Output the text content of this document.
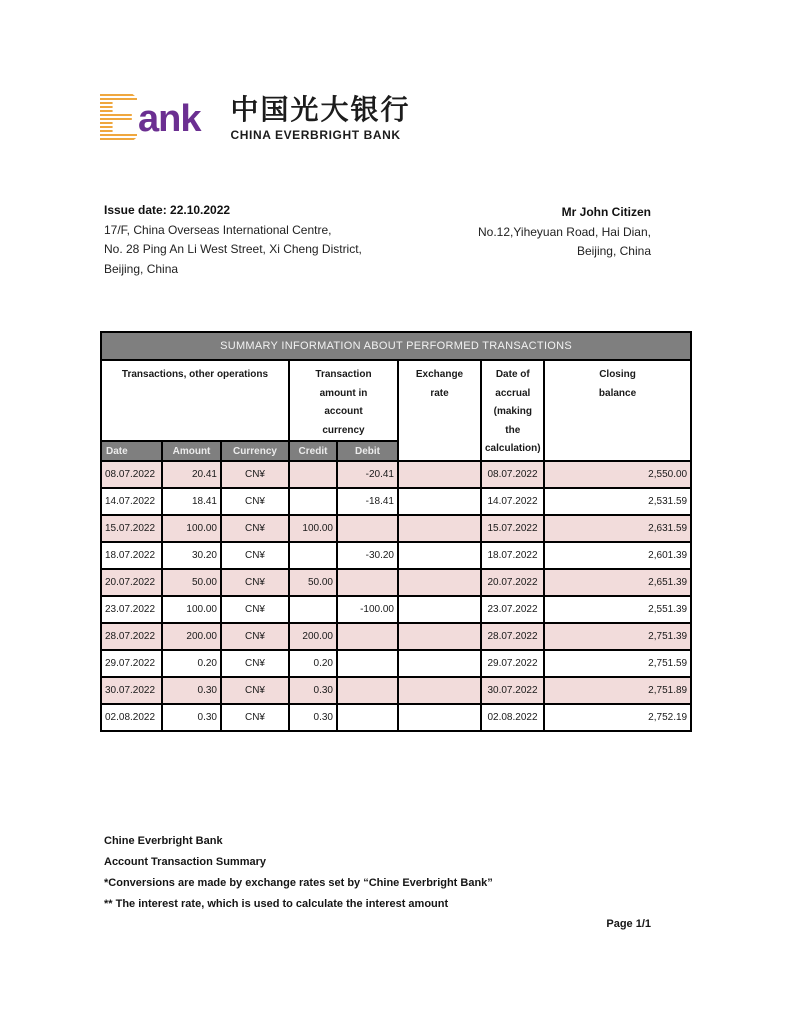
ank 中国光大银行
CHINA EVERBRIGHT BANK
Issue date: 22.10.2022
17/F, China Overseas International Centre,
No. 28 Ping An Li West Street, Xi Cheng District,
Beijing, China
Mr John Citizen
No.12,Yiheyuan Road, Hai Dian,
Beijing, China
SUMMARY INFORMATION ABOUT PERFORMED TRANSACTIONS							
Transactions, other operations			Transaction amount in account currency		Exchange rate	Date of accrual (making the calculation)	Closing balance
Date	Amount	Currency	Credit	Debit			
08.07.2022	20.41	CN¥		-20.41		08.07.2022	2,550.00
14.07.2022	18.41	CN¥		-18.41		14.07.2022	2,531.59
15.07.2022	100.00	CN¥	100.00			15.07.2022	2,631.59
18.07.2022	30.20	CN¥		-30.20		18.07.2022	2,601.39
20.07.2022	50.00	CN¥	50.00			20.07.2022	2,651.39
23.07.2022	100.00	CN¥		-100.00		23.07.2022	2,551.39
28.07.2022	200.00	CN¥	200.00			28.07.2022	2,751.39
29.07.2022	0.20	CN¥	0.20			29.07.2022	2,751.59
30.07.2022	0.30	CN¥	0.30			30.07.2022	2,751.89
02.08.2022	0.30	CN¥	0.30			02.08.2022	2,752.19
Chine Everbright Bank
Account Transaction Summary
*Conversions are made by exchange rates set by “Chine Everbright Bank”
** The interest rate, which is used to calculate the interest amount
Page 1/1
